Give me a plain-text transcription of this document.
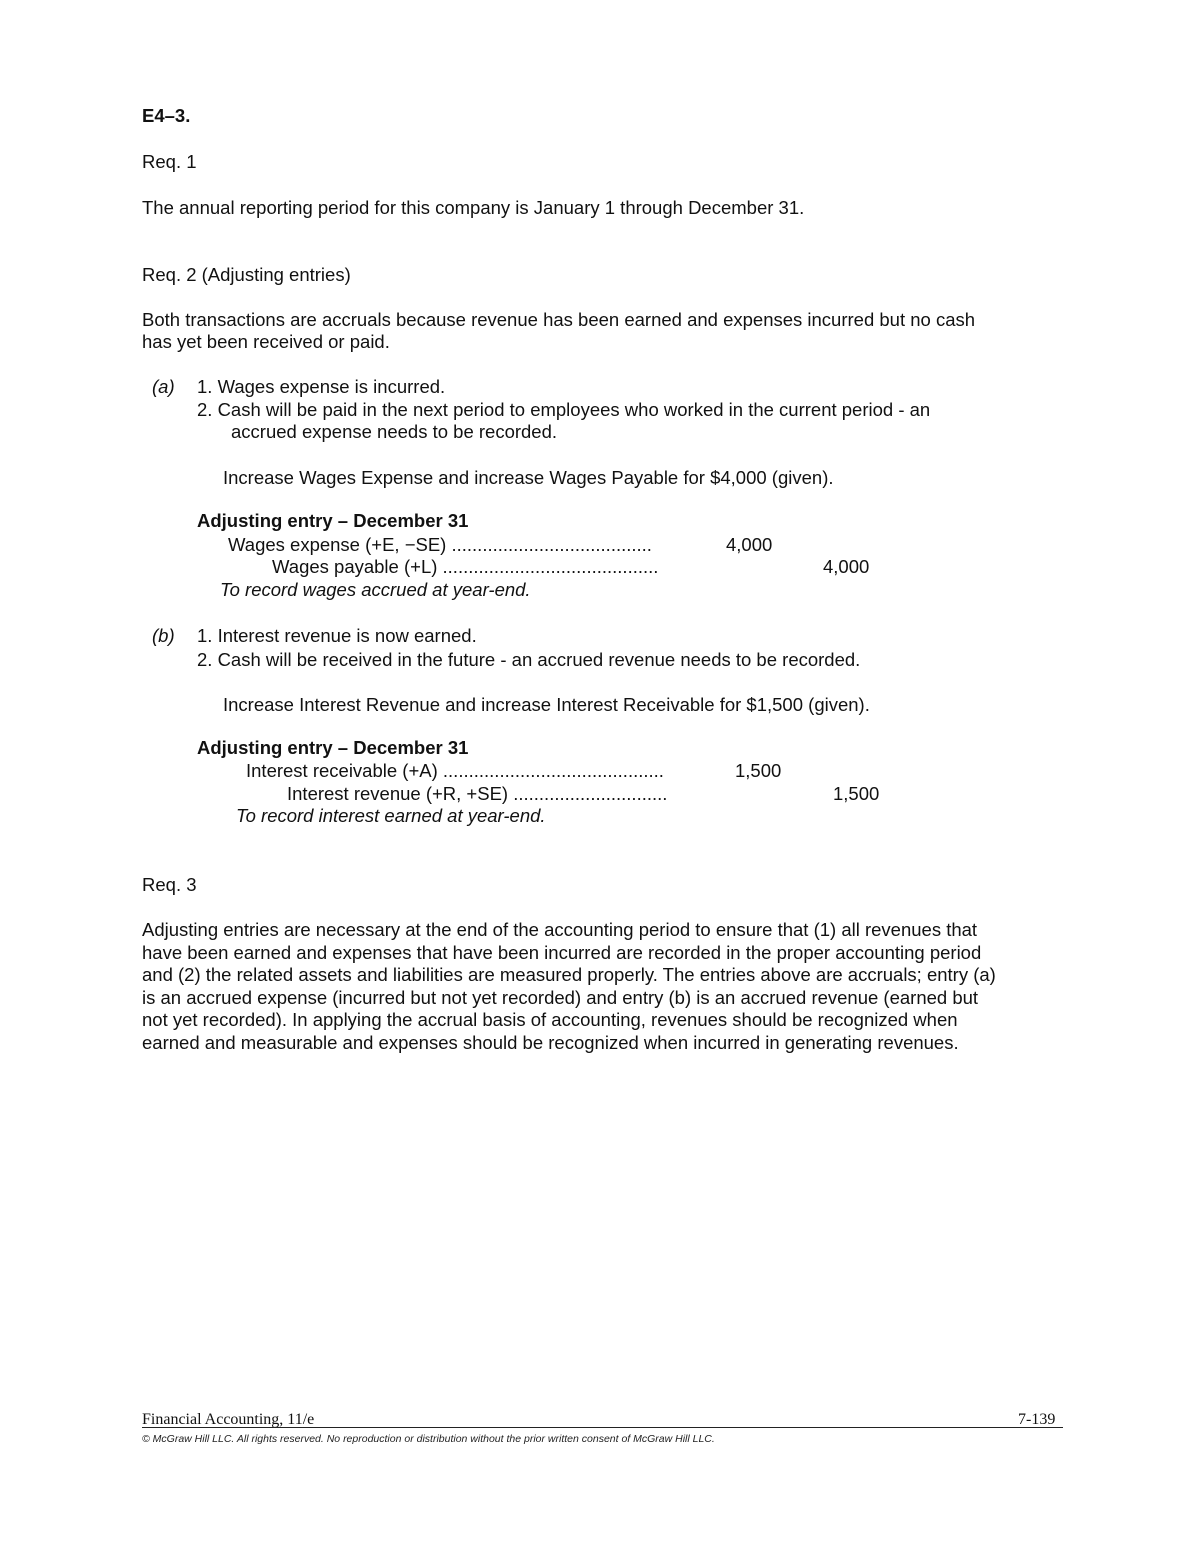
E4–3.
Req. 1
The annual reporting period for this company is January 1 through December 31.
Req. 2 (Adjusting entries)
Both transactions are accruals because revenue has been earned and expenses incurred but no cash
has yet been received or paid.
(a) 1. Wages expense is incurred.
2. Cash will be paid in the next period to employees who worked in the current period - an
accrued expense needs to be recorded.
Increase Wages Expense and increase Wages Payable for $4,000 (given).
Adjusting entry – December 31
Wages expense (+E, −SE) .......................................	4,000
Wages payable (+L) ..........................................	4,000
To record wages accrued at year-end.
(b) 1. Interest revenue is now earned.
2. Cash will be received in the future - an accrued revenue needs to be recorded.
Increase Interest Revenue and increase Interest Receivable for $1,500 (given).
Adjusting entry – December 31
Interest receivable (+A) ...........................................	1,500
Interest revenue (+R, +SE) ..............................	1,500
To record interest earned at year-end.
Req. 3
Adjusting entries are necessary at the end of the accounting period to ensure that (1) all revenues that
have been earned and expenses that have been incurred are recorded in the proper accounting period
and (2) the related assets and liabilities are measured properly. The entries above are accruals; entry (a)
is an accrued expense (incurred but not yet recorded) and entry (b) is an accrued revenue (earned but
not yet recorded). In applying the accrual basis of accounting, revenues should be recognized when
earned and measurable and expenses should be recognized when incurred in generating revenues.
Financial Accounting, 11/e	7-139
© McGraw Hill LLC. All rights reserved. No reproduction or distribution without the prior written consent of McGraw Hill LLC.
